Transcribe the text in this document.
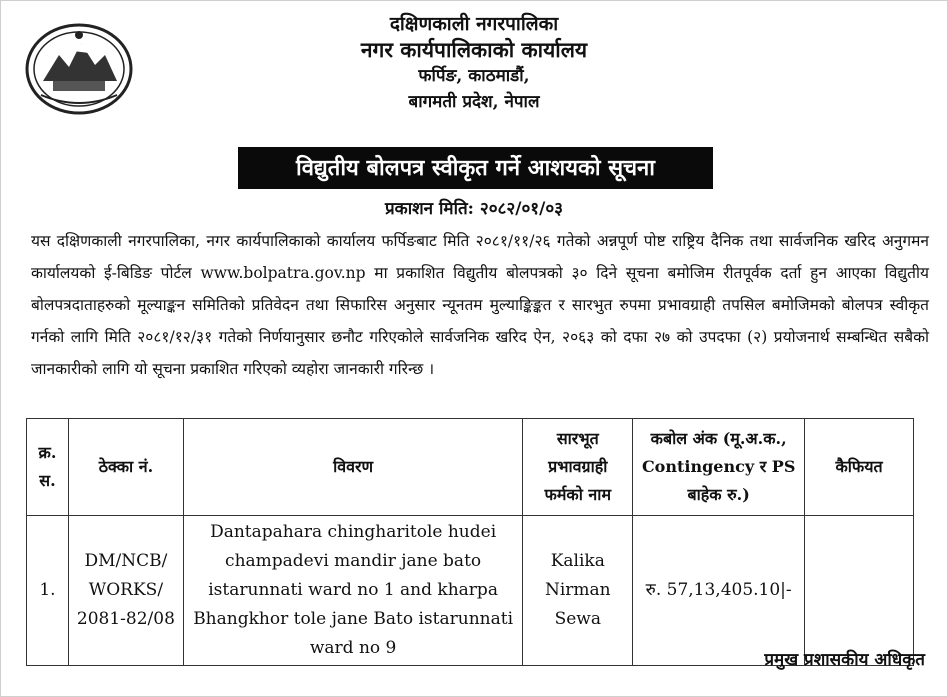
दक्षिणकाली नगरपालिका
नगर कार्यपालिकाको कार्यालय
फर्पिङ, काठमाडौं,
बागमती प्रदेश, नेपाल
विद्युतीय बोलपत्र स्वीकृत गर्ने आशयको सूचना
प्रकाशन मिति: २०८२/०१/०३
यस दक्षिणकाली नगरपालिका, नगर कार्यपालिकाको कार्यालय फर्पिङबाट मिति २०८१/११/२६ गतेको अन्नपूर्ण पोष्ट राष्ट्रिय दैनिक तथा सार्वजनिक खरिद अनुगमन कार्यालयको ई-बिडिङ पोर्टल www.bolpatra.gov.np मा प्रकाशित विद्युतीय बोलपत्रको ३० दिने सूचना बमोजिम रीतपूर्वक दर्ता हुन आएका विद्युतीय बोलपत्रदाताहरुको मूल्याङ्कन समितिको प्रतिवेदन तथा सिफारिस अनुसार न्यूनतम मुल्याङ्किङ्कत र सारभुत रुपमा प्रभावग्राही तपसिल बमोजिमको बोलपत्र स्वीकृत गर्नको लागि मिति २०८१/१२/३१ गतेको निर्णयानुसार छनौट गरिएकोले सार्वजनिक खरिद ऐन, २०६३ को दफा २७ को उपदफा (२) प्रयोजनार्थ सम्बन्धित सबैको जानकारीको लागि यो सूचना प्रकाशित गरिएको व्यहोरा जानकारी गरिन्छ ।
क्र. स.	ठेक्का नं.	विवरण	सारभूत प्रभावग्राही फर्मको नाम	कबोल अंक (मू.अ.क., Contingency र PS बाहेक रु.)	कैफियत
1.	DM/NCB/ WORKS/ 2081-82/08	Dantapahara chingharitole hudei champadevi mandir jane bato istarunnati ward no 1 and kharpa Bhangkhor tole jane Bato istarunnati ward no 9	Kalika Nirman Sewa	रु. 57,13,405.10|-	
प्रमुख प्रशासकीय अधिकृत
